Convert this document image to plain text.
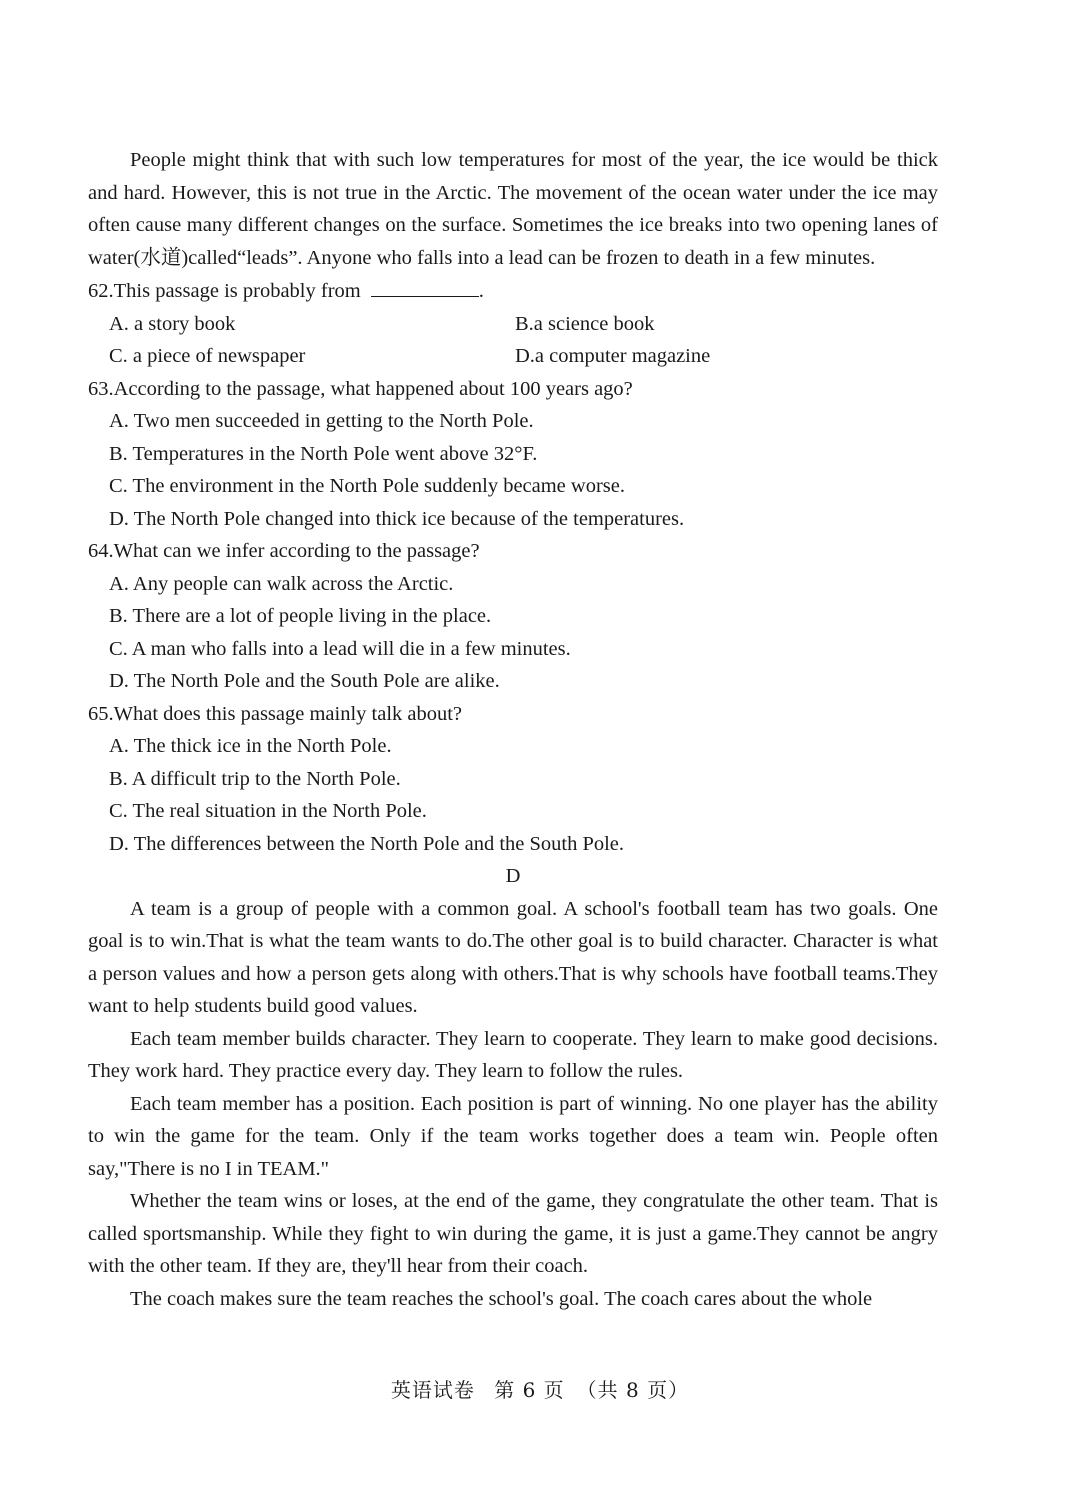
People might think that with such low temperatures for most of the year, the ice would be thick and hard. However, this is not true in the Arctic. The movement of the ocean water under the ice may often cause many different changes on the surface. Sometimes the ice breaks into two opening lanes of water(水道)called“leads”. Anyone who falls into a lead can be frozen to death in a few minutes.

62.This passage is probably from	.

A. a story book	B.a science book
C. a piece of newspaper	D.a computer magazine

63.According to the passage, what happened about 100 years ago?

A. Two men succeeded in getting to the North Pole.

B. Temperatures in the North Pole went above 32°F.

C. The environment in the North Pole suddenly became worse.

D. The North Pole changed into thick ice because of the temperatures.

64.What can we infer according to the passage?

A. Any people can walk across the Arctic.

B. There are a lot of people living in the place.

C. A man who falls into a lead will die in a few minutes.

D. The North Pole and the South Pole are alike.

65.What does this passage mainly talk about?

A. The thick ice in the North Pole.

B. A difficult trip to the North Pole.

C. The real situation in the North Pole.

D. The differences between the North Pole and the South Pole.

D

A team is a group of people with a common goal. A school's football team has two goals. One goal is to win.That is what the team wants to do.The other goal is to build character. Character is what a person values and how a person gets along with others.That is why schools have football teams.They want to help students build good values.

Each team member builds character. They learn to cooperate. They learn to make good decisions. They work hard. They practice every day. They learn to follow the rules.

Each team member has a position. Each position is part of winning. No one player has the ability to win the game for the team. Only if the team works together does a team win. People often say,"There is no I in TEAM."

Whether the team wins or loses, at the end of the game, they congratulate the other team. That is called sportsmanship. While they fight to win during the game, it is just a game.They cannot be angry with the other team. If they are, they'll hear from their coach.

The coach makes sure the team reaches the school's goal. The coach cares about the whole

英语试卷 第 6 页 （共 8 页）
